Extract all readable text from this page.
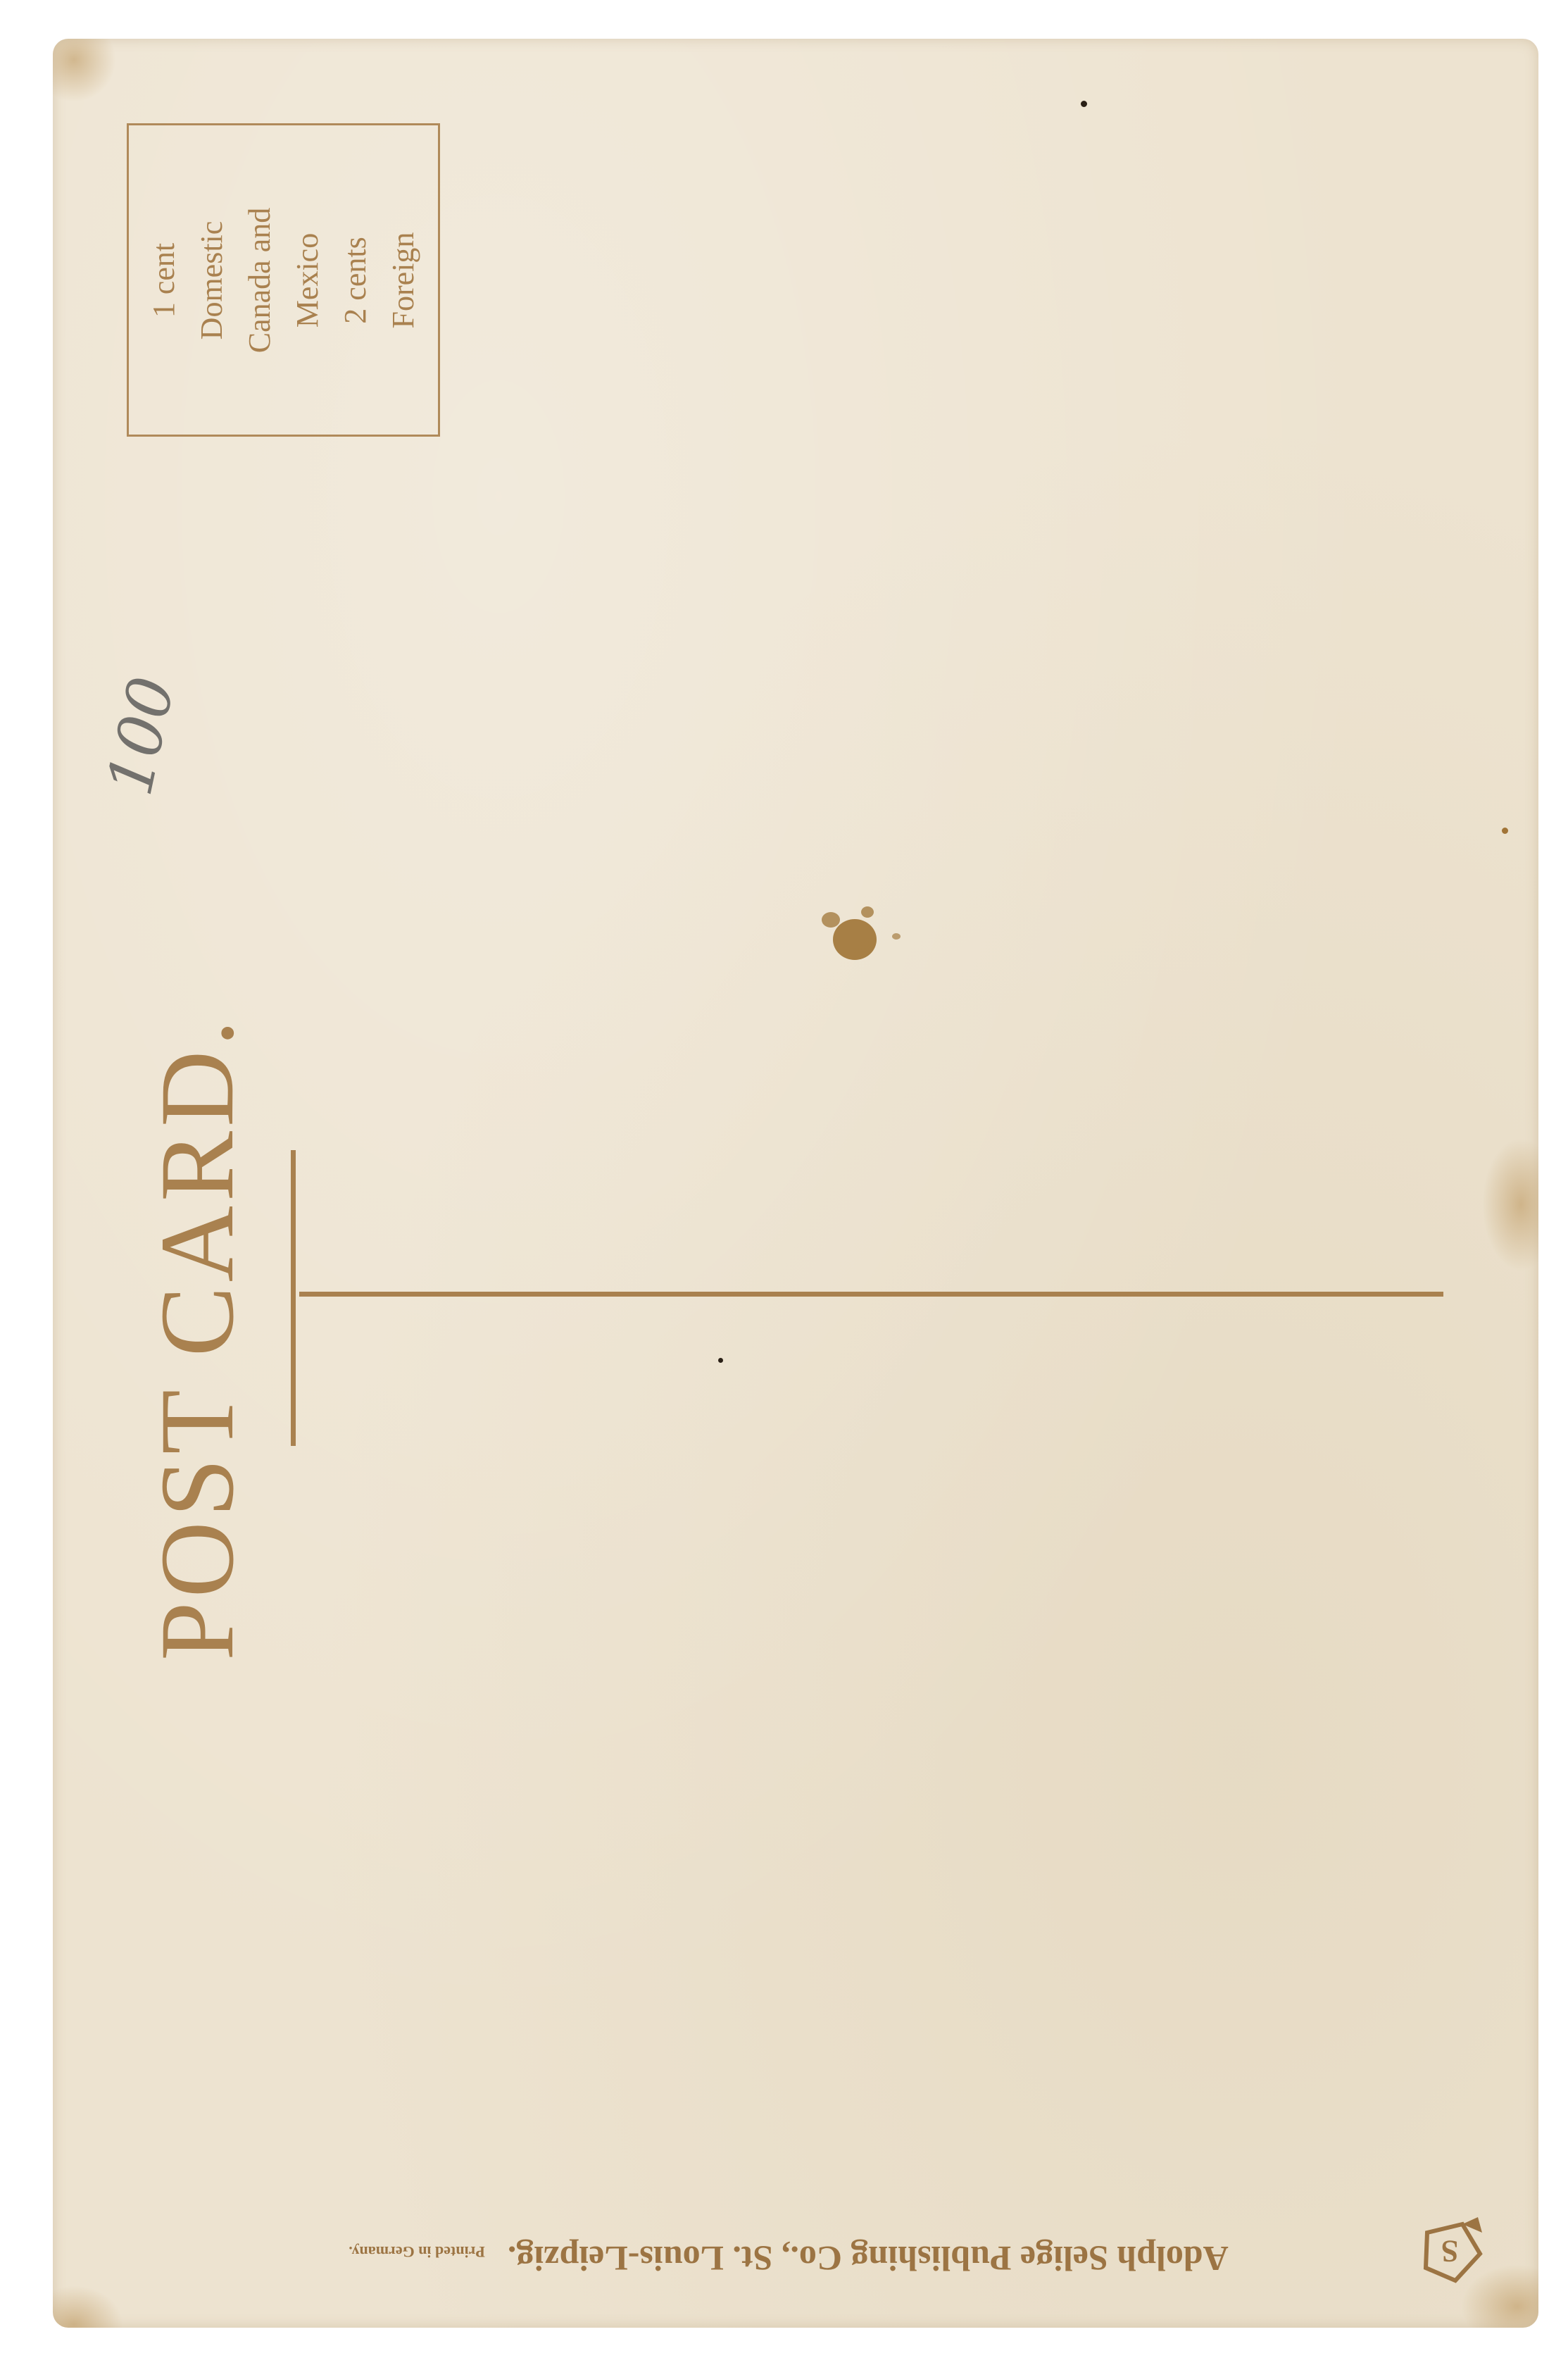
1 cent Domestic Canada and Mexico 2 cents Foreign
100
POST CARD.
Adolph Selige Publishing Co., St. Louis-Leipzig. Printed in Germany.	S
